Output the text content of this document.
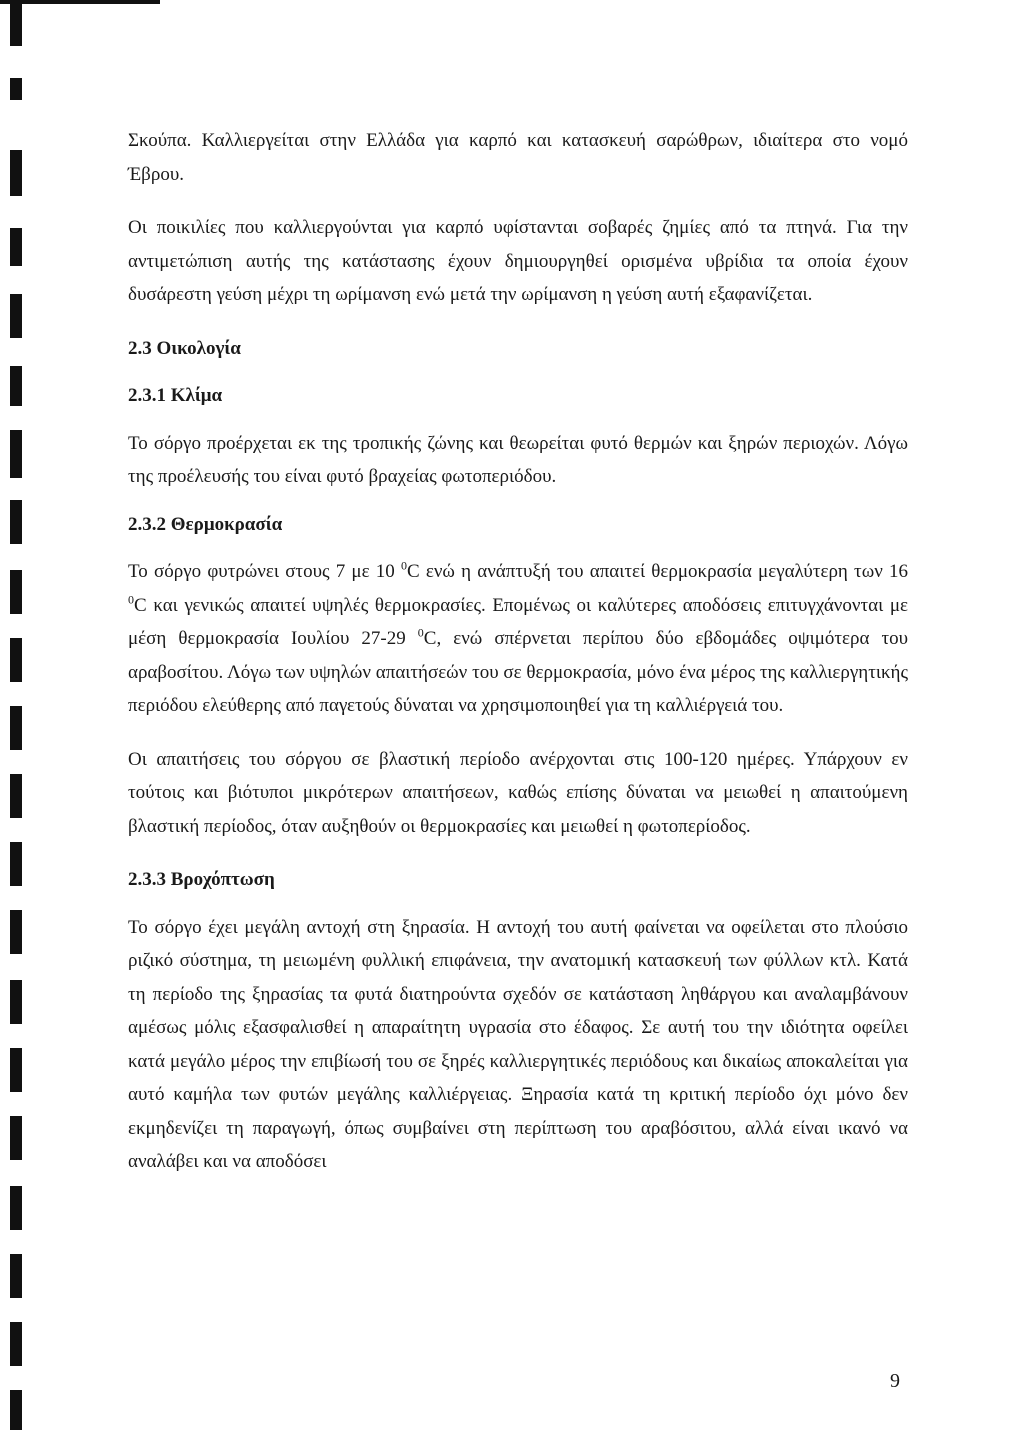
Σκούπα. Καλλιεργείται στην Ελλάδα για καρπό και κατασκευή σαρώθρων, ιδιαίτερα στο νομό Έβρου.

Οι ποικιλίες που καλλιεργούνται για καρπό υφίστανται σοβαρές ζημίες από τα πτηνά. Για την αντιμετώπιση αυτής της κατάστασης έχουν δημιουργηθεί ορισμένα υβρίδια τα οποία έχουν δυσάρεστη γεύση μέχρι τη ωρίμανση ενώ μετά την ωρίμανση η γεύση αυτή εξαφανίζεται.

2.3 Οικολογία
2.3.1 Κλίμα

Το σόργο προέρχεται εκ της τροπικής ζώνης και θεωρείται φυτό θερμών και ξηρών περιοχών. Λόγω της προέλευσής του είναι φυτό βραχείας φωτοπεριόδου.

2.3.2 Θερμοκρασία

Το σόργο φυτρώνει στους 7 με 10 $^0$C ενώ η ανάπτυξή του απαιτεί θερμοκρασία μεγαλύτερη των 16 $^0$C και γενικώς απαιτεί υψηλές θερμοκρασίες. Επομένως οι καλύτερες αποδόσεις επιτυγχάνονται με μέση θερμοκρασία Ιουλίου 27-29 $^0$C, ενώ σπέρνεται περίπου δύο εβδομάδες οψιμότερα του αραβοσίτου. Λόγω των υψηλών απαιτήσεών του σε θερμοκρασία, μόνο ένα μέρος της καλλιεργητικής περιόδου ελεύθερης από παγετούς δύναται να χρησιμοποιηθεί για τη καλλιέργειά του.

Οι απαιτήσεις του σόργου σε βλαστική περίοδο ανέρχονται στις 100-120 ημέρες. Υπάρχουν εν τούτοις και βιότυποι μικρότερων απαιτήσεων, καθώς επίσης δύναται να μειωθεί η απαιτούμενη βλαστική περίοδος, όταν αυξηθούν οι θερμοκρασίες και μειωθεί η φωτοπερίοδος.

2.3.3 Βροχόπτωση

Το σόργο έχει μεγάλη αντοχή στη ξηρασία. Η αντοχή του αυτή φαίνεται να οφείλεται στο πλούσιο ριζικό σύστημα, τη μειωμένη φυλλική επιφάνεια, την ανατομική κατασκευή των φύλλων κτλ. Κατά τη περίοδο της ξηρασίας τα φυτά διατηρούντα σχεδόν σε κατάσταση ληθάργου και αναλαμβάνουν αμέσως μόλις εξασφαλισθεί η απαραίτητη υγρασία στο έδαφος. Σε αυτή του την ιδιότητα οφείλει κατά μεγάλο μέρος την επιβίωσή του σε ξηρές καλλιεργητικές περιόδους και δικαίως αποκαλείται για αυτό καμήλα των φυτών μεγάλης καλλιέργειας. Ξηρασία κατά τη κριτική περίοδο όχι μόνο δεν εκμηδενίζει τη παραγωγή, όπως συμβαίνει στη περίπτωση του αραβόσιτου, αλλά είναι ικανό να αναλάβει και να αποδόσει

9
